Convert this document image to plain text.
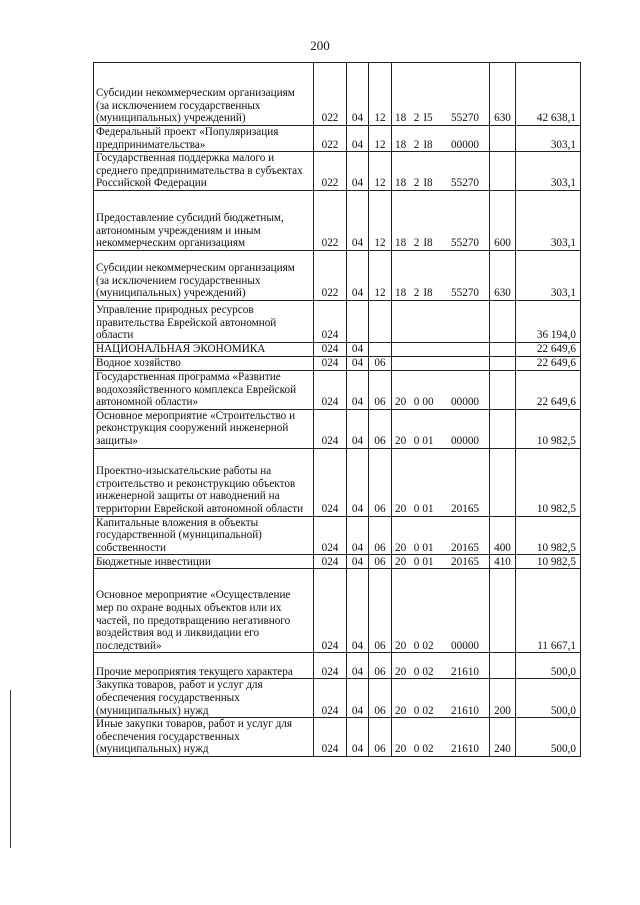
200
Субсидии некоммерческим организациям (за исключением государственных (муниципальных) учреждений)	022	04	12	18 2 I5 55270	630	42 638,1
Федеральный проект «Популяризация предпринимательства»	022	04	12	18 2 I8 00000		303,1
Государственная поддержка малого и среднего предпринимательства в субъектах Российской Федерации	022	04	12	18 2 I8 55270		303,1
Предоставление субсидий бюджетным, автономным учреждениям и иным некоммерческим организациям	022	04	12	18 2 I8 55270	600	303,1
Субсидии некоммерческим организациям (за исключением государственных (муниципальных) учреждений)	022	04	12	18 2 I8 55270	630	303,1
Управление природных ресурсов правительства Еврейской автономной области	024					36 194,0
НАЦИОНАЛЬНАЯ ЭКОНОМИКА	024	04				22 649,6
Водное хозяйство	024	04	06			22 649,6
Государственная программа «Развитие водохозяйственного комплекса Еврейской автономной области»	024	04	06	20 0 00 00000		22 649,6
Основное мероприятие «Строительство и реконструкция сооружений инженерной защиты»	024	04	06	20 0 01 00000		10 982,5
Проектно-изыскательские работы на строительство и реконструкцию объектов инженерной защиты от наводнений на территории Еврейской автономной области	024	04	06	20 0 01 20165		10 982,5
Капитальные вложения в объекты государственной (муниципальной) собственности	024	04	06	20 0 01 20165	400	10 982,5
Бюджетные инвестиции	024	04	06	20 0 01 20165	410	10 982,5
Основное мероприятие «Осуществление мер по охране водных объектов или их частей, по предотвращению негативного воздействия вод и ликвидации его последствий»	024	04	06	20 0 02 00000		11 667,1
Прочие мероприятия текущего характера	024	04	06	20 0 02 21610		500,0
Закупка товаров, работ и услуг для обеспечения государственных (муниципальных) нужд	024	04	06	20 0 02 21610	200	500,0
Иные закупки товаров, работ и услуг для обеспечения государственных (муниципальных) нужд	024	04	06	20 0 02 21610	240	500,0
